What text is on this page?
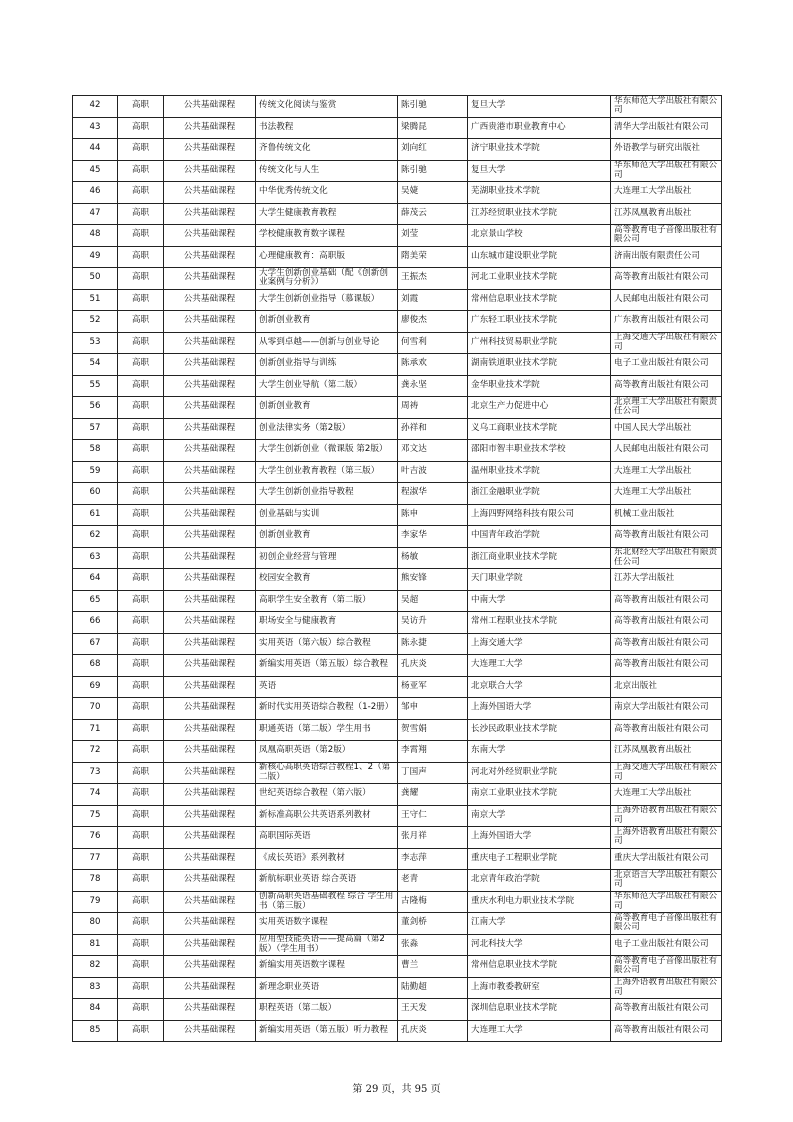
42	高职	公共基础课程	传统文化阅读与鉴赏	陈引驰	复旦大学	华东师范大学出版社有限公司
43	高职	公共基础课程	书法教程	梁腾昆	广西贵港市职业教育中心	清华大学出版社有限公司
44	高职	公共基础课程	齐鲁传统文化	刘向红	济宁职业技术学院	外语教学与研究出版社
45	高职	公共基础课程	传统文化与人生	陈引驰	复旦大学	华东师范大学出版社有限公司
46	高职	公共基础课程	中华优秀传统文化	吴婕	芜湖职业技术学院	大连理工大学出版社
47	高职	公共基础课程	大学生健康教育教程	薛茂云	江苏经贸职业技术学院	江苏凤凰教育出版社
48	高职	公共基础课程	学校健康教育数字课程	刘莹	北京景山学校	高等教育电子音像出版社有限公司
49	高职	公共基础课程	心理健康教育：高职版	隋美荣	山东城市建设职业学院	济南出版有限责任公司
50	高职	公共基础课程	大学生创新创业基础（配《创新创业案例与分析》）	王振杰	河北工业职业技术学院	高等教育出版社有限公司
51	高职	公共基础课程	大学生创新创业指导（慕课版）	刘霞	常州信息职业技术学院	人民邮电出版社有限公司
52	高职	公共基础课程	创新创业教育	廖俊杰	广东轻工职业技术学院	广东教育出版社有限公司
53	高职	公共基础课程	从零到卓越——创新与创业导论	何雪利	广州科技贸易职业学院	上海交通大学出版社有限公司
54	高职	公共基础课程	创新创业指导与训练	陈承欢	湖南铁道职业技术学院	电子工业出版社有限公司
55	高职	公共基础课程	大学生创业导航（第二版）	龚永坚	金华职业技术学院	高等教育出版社有限公司
56	高职	公共基础课程	创新创业教育	周祷	北京生产力促进中心	北京理工大学出版社有限责任公司
57	高职	公共基础课程	创业法律实务（第2版）	孙祥和	义乌工商职业技术学院	中国人民大学出版社
58	高职	公共基础课程	大学生创新创业（微课版 第2版）	邓文达	邵阳市智丰职业技术学校	人民邮电出版社有限公司
59	高职	公共基础课程	大学生创业教育教程（第三版）	叶吉波	温州职业技术学院	大连理工大学出版社
60	高职	公共基础课程	大学生创新创业指导教程	程淑华	浙江金融职业学院	大连理工大学出版社
61	高职	公共基础课程	创业基础与实训	陈申	上海四野网络科技有限公司	机械工业出版社
62	高职	公共基础课程	创新创业教育	李家华	中国青年政治学院	高等教育出版社有限公司
63	高职	公共基础课程	初创企业经营与管理	杨敏	浙江商业职业技术学院	东北财经大学出版社有限责任公司
64	高职	公共基础课程	校园安全教育	熊安锋	天门职业学院	江苏大学出版社
65	高职	公共基础课程	高职学生安全教育（第二版）	吴超	中南大学	高等教育出版社有限公司
66	高职	公共基础课程	职场安全与健康教育	吴访升	常州工程职业技术学院	高等教育出版社有限公司
67	高职	公共基础课程	实用英语（第六版）综合教程	陈永捷	上海交通大学	高等教育出版社有限公司
68	高职	公共基础课程	新编实用英语（第五版）综合教程	孔庆炎	大连理工大学	高等教育出版社有限公司
69	高职	公共基础课程	英语	杨亚军	北京联合大学	北京出版社
70	高职	公共基础课程	新时代实用英语综合教程（1-2册）	邹申	上海外国语大学	南京大学出版社有限公司
71	高职	公共基础课程	职通英语（第二版）学生用书	贺雪娟	长沙民政职业技术学院	高等教育出版社有限公司
72	高职	公共基础课程	凤凰高职英语（第2版）	李霄翔	东南大学	江苏凤凰教育出版社
73	高职	公共基础课程	新核心高职英语综合教程1、2（第二版）	丁国声	河北对外经贸职业学院	上海交通大学出版社有限公司
74	高职	公共基础课程	世纪英语综合教程（第六版）	龚耀	南京工业职业技术学院	大连理工大学出版社
75	高职	公共基础课程	新标准高职公共英语系列教材	王守仁	南京大学	上海外语教育出版社有限公司
76	高职	公共基础课程	高职国际英语	张月祥	上海外国语大学	上海外语教育出版社有限公司
77	高职	公共基础课程	《成长英语》系列教材	李志萍	重庆电子工程职业学院	重庆大学出版社有限公司
78	高职	公共基础课程	新航标职业英语 综合英语	老青	北京青年政治学院	北京语言大学出版社有限公司
79	高职	公共基础课程	创新高职英语基础教程 综合 学生用书（第三版）	古隆梅	重庆水利电力职业技术学院	华东师范大学出版社有限公司
80	高职	公共基础课程	实用英语数字课程	董剑桥	江南大学	高等教育电子音像出版社有限公司
81	高职	公共基础课程	应用型技能英语——提高篇（第2版）（学生用书）	张淼	河北科技大学	电子工业出版社有限公司
82	高职	公共基础课程	新编实用英语数字课程	曹兰	常州信息职业技术学院	高等教育电子音像出版社有限公司
83	高职	公共基础课程	新理念职业英语	陆勤超	上海市教委教研室	上海外语教育出版社有限公司
84	高职	公共基础课程	职程英语（第二版）	王天发	深圳信息职业技术学院	高等教育出版社有限公司
85	高职	公共基础课程	新编实用英语（第五版）听力教程	孔庆炎	大连理工大学	高等教育出版社有限公司
第 29 页，共 95 页
